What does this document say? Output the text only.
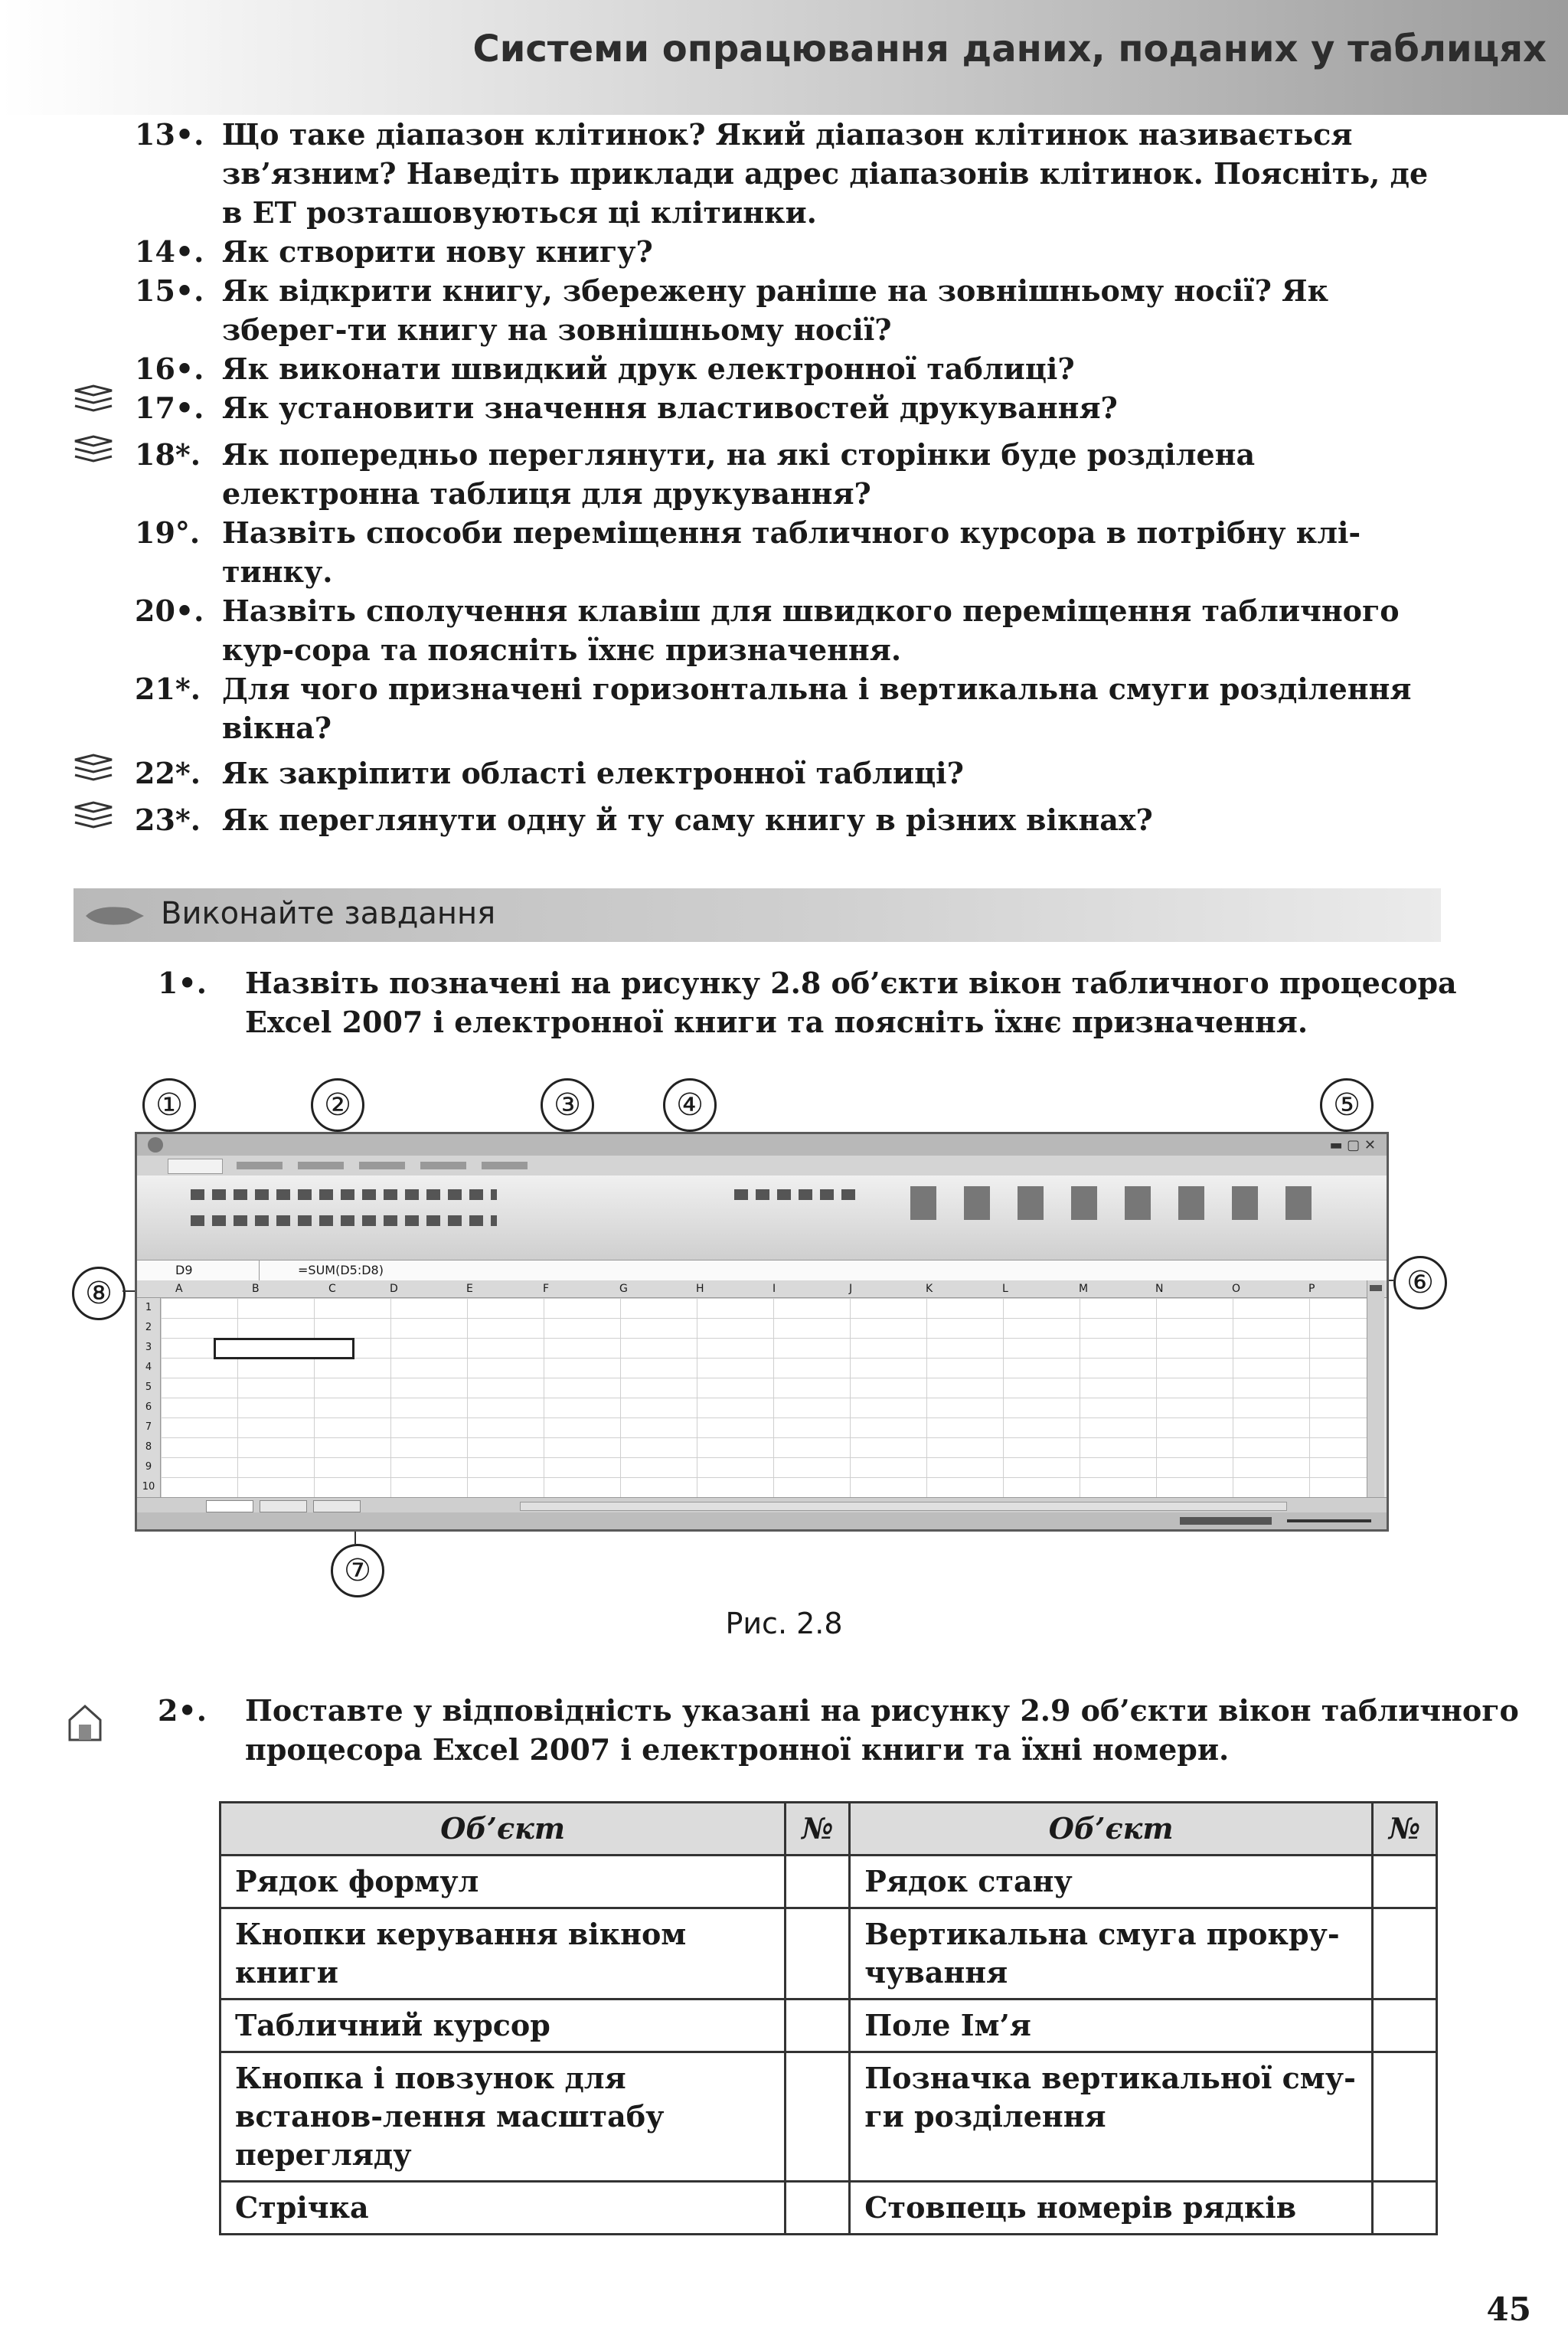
Системи опрацювання даних, поданих у таблицях
13•. Що таке діапазон клітинок? Який діапазон клітинок називається зв’язним? Наведіть приклади адрес діапазонів клітинок. Поясніть, де в ЕТ розташовуються ці клітинки.
14•. Як створити нову книгу?
15•. Як відкрити книгу, збережену раніше на зовнішньому носії? Як зберег-ти книгу на зовнішньому носії?
16•. Як виконати швидкий друк електронної таблиці?
17•. Як установити значення властивостей друкування?
18*. Як попередньо переглянути, на які сторінки буде розділена електронна таблиця для друкування?
19°. Назвіть способи переміщення табличного курсора в потрібну клі-тинку.
20•. Назвіть сполучення клавіш для швидкого переміщення табличного кур-сора та поясніть їхнє призначення.
21*. Для чого призначені горизонтальна і вертикальна смуги розділення вікна?
22*. Як закріпити області електронної таблиці?
23*. Як переглянути одну й ту саму книгу в різних вікнах?
Виконайте завдання
1•. Назвіть позначені на рисунку 2.8 об’єкти вікон табличного процесора Excel 2007 і електронної книги та поясніть їхнє призначення.
①	②	③	④	⑤
⑥
⑦
⑧
▬ ▢ ✕
D9	=SUM(D5:D8)
A	B	C	D	E	F	G	H	I	J	K	L	M	N	O	P
1
2
3
4
5
6
7
8
9
10
Рис. 2.8
2•. Поставте у відповідність указані на рисунку 2.9 об’єкти вікон табличного процесора Excel 2007 і електронної книги та їхні номери.
Об’єкт	№	Об’єкт	№
Рядок формул		Рядок стану	
Кнопки керування вікном книги		Вертикальна смуга прокру-чування	
Табличний курсор		Поле Ім’я	
Кнопка і повзунок для встанов-лення масштабу перегляду		Позначка вертикальної сму-ги розділення	
Стрічка		Стовпець номерів рядків	
45
